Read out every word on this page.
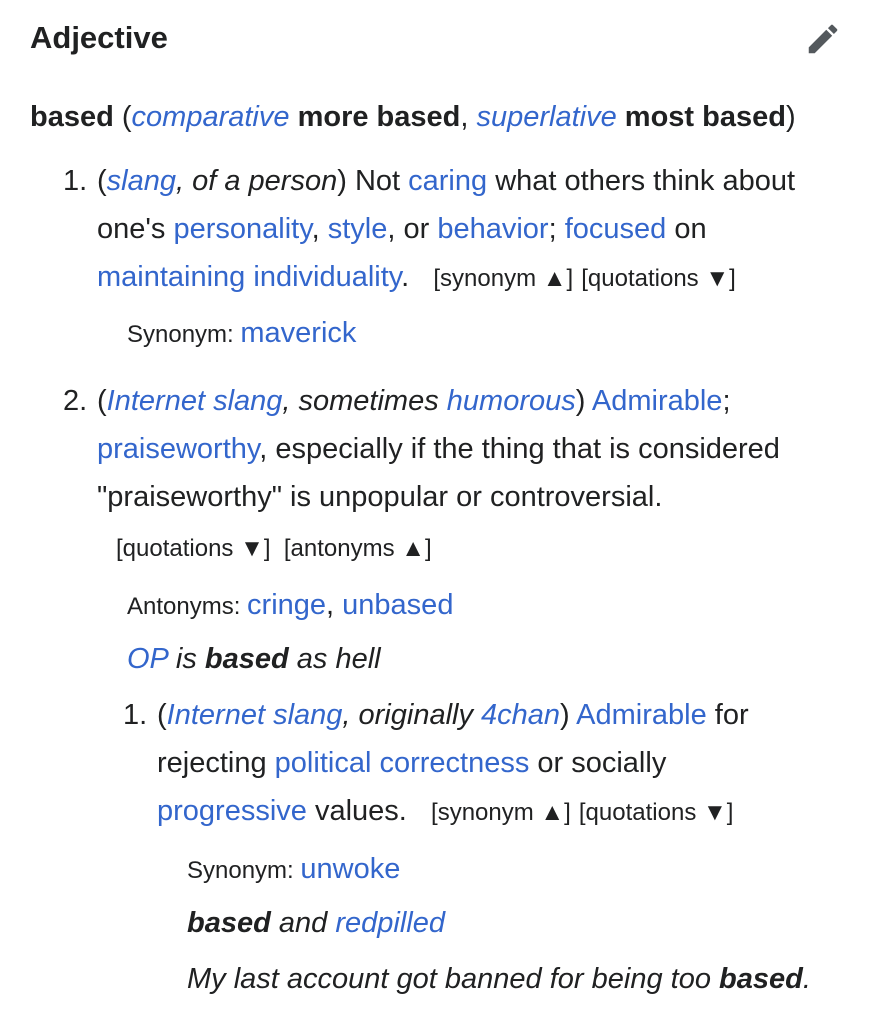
Adjective
based (comparative more based, superlative most based)
1. (slang, of a person) Not caring what others think about
one's personality, style, or behavior; focused on
maintaining individuality. [synonym ▲] [quotations ▼]
Synonym: maverick
2. (Internet slang, sometimes humorous) Admirable;
praiseworthy, especially if the thing that is considered
"praiseworthy" is unpopular or controversial.
[quotations ▼] [antonyms ▲]
Antonyms: cringe, unbased
OP is based as hell
1. (Internet slang, originally 4chan) Admirable for
rejecting political correctness or socially
progressive values. [synonym ▲] [quotations ▼]
Synonym: unwoke
based and redpilled
My last account got banned for being too based.
